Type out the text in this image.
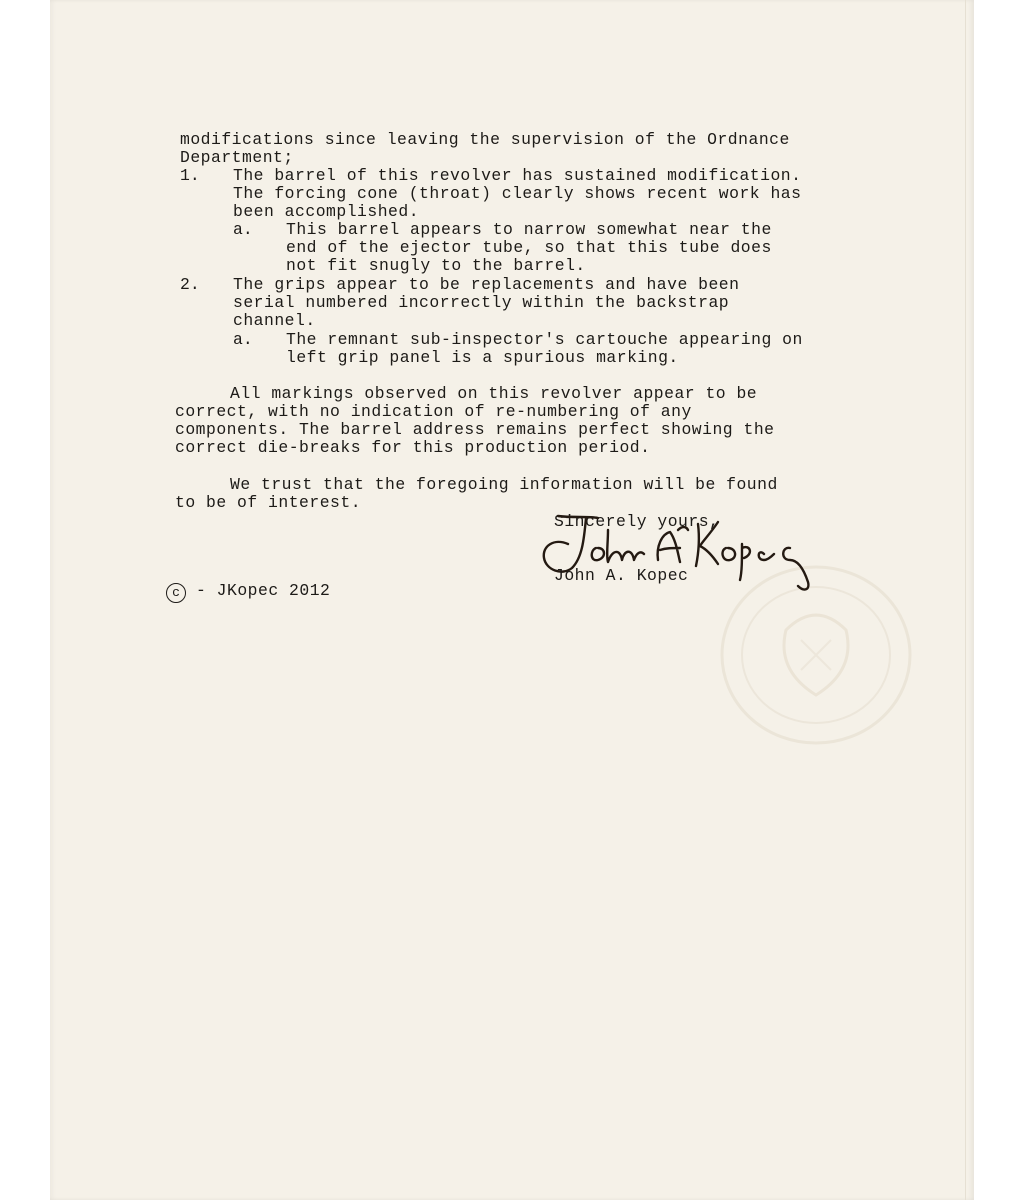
modifications since leaving the supervision of the Ordnance

Department;

1. The barrel of this revolver has sustained modification.

The forcing cone (throat) clearly shows recent work has

been accomplished.

a. This barrel appears to narrow somewhat near the

end of the ejector tube, so that this tube does

not fit snugly to the barrel.

2. The grips appear to be replacements and have been

serial numbered incorrectly within the backstrap

channel.

a. The remnant sub-inspector's cartouche appearing on

left grip panel is a spurious marking.

All markings observed on this revolver appear to be

correct, with no indication of re-numbering of any

components. The barrel address remains perfect showing the

correct die-breaks for this production period.

We trust that the foregoing information will be found

to be of interest.

Sincerely yours,

John A. Kopec

c - JKopec 2012
